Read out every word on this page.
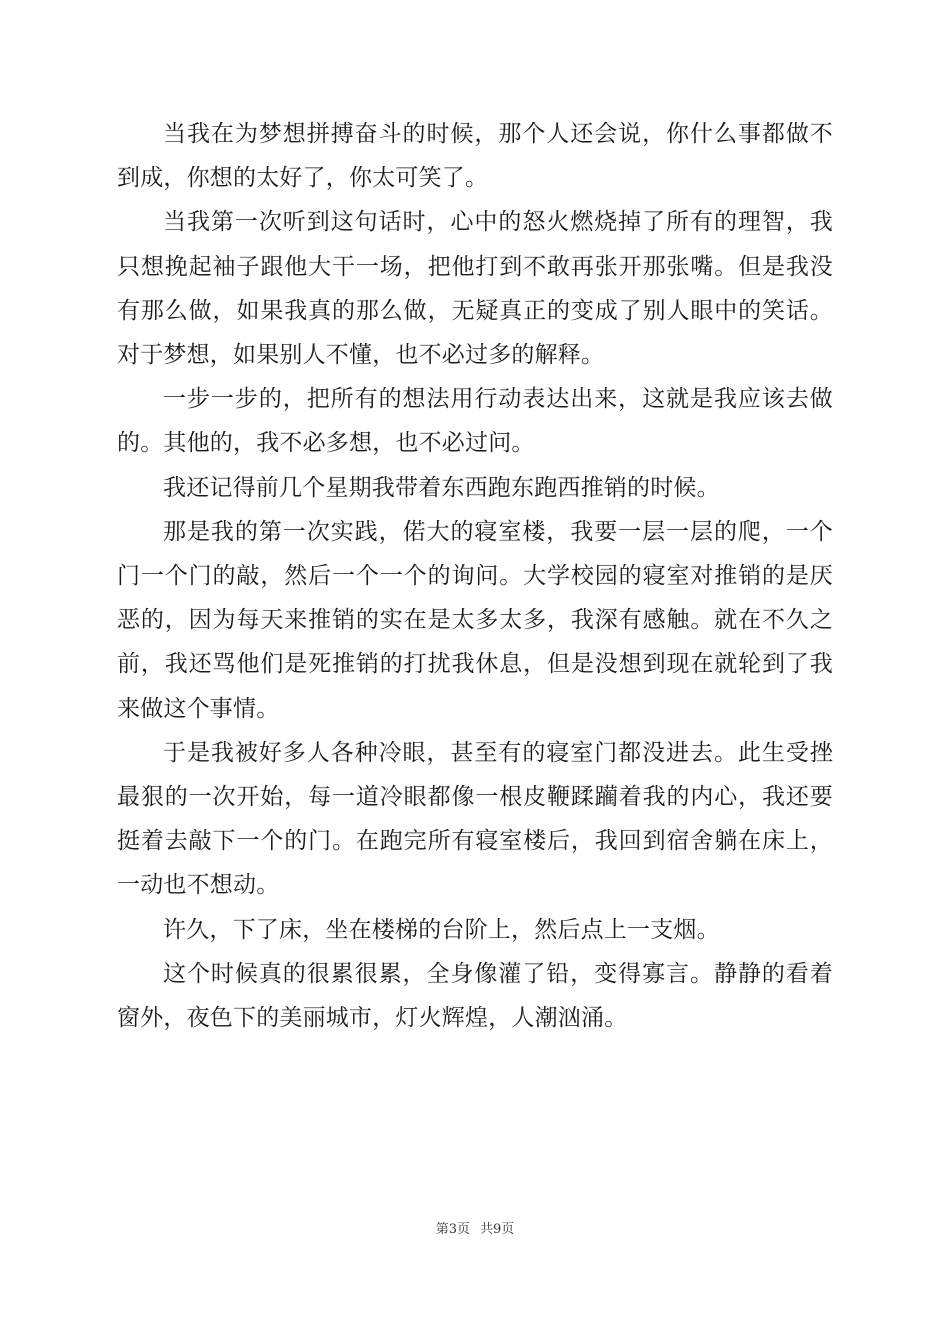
当我在为梦想拼搏奋斗的时候，那个人还会说，你什么事都做不到成，你想的太好了，你太可笑了。

当我第一次听到这句话时，心中的怒火燃烧掉了所有的理智，我只想挽起袖子跟他大干一场，把他打到不敢再张开那张嘴。但是我没有那么做，如果我真的那么做，无疑真正的变成了别人眼中的笑话。对于梦想，如果别人不懂，也不必过多的解释。

一步一步的，把所有的想法用行动表达出来，这就是我应该去做的。其他的，我不必多想，也不必过问。

我还记得前几个星期我带着东西跑东跑西推销的时候。

那是我的第一次实践，偌大的寝室楼，我要一层一层的爬，一个门一个门的敲，然后一个一个的询问。大学校园的寝室对推销的是厌恶的，因为每天来推销的实在是太多太多，我深有感触。就在不久之前，我还骂他们是死推销的打扰我休息，但是没想到现在就轮到了我来做这个事情。

于是我被好多人各种冷眼，甚至有的寝室门都没进去。此生受挫最狠的一次开始，每一道冷眼都像一根皮鞭蹂躏着我的内心，我还要挺着去敲下一个的门。在跑完所有寝室楼后，我回到宿舍躺在床上，一动也不想动。

许久，下了床，坐在楼梯的台阶上，然后点上一支烟。

这个时候真的很累很累，全身像灌了铅，变得寡言。静静的看着窗外，夜色下的美丽城市，灯火辉煌，人潮汹涌。

第3页 共9页
